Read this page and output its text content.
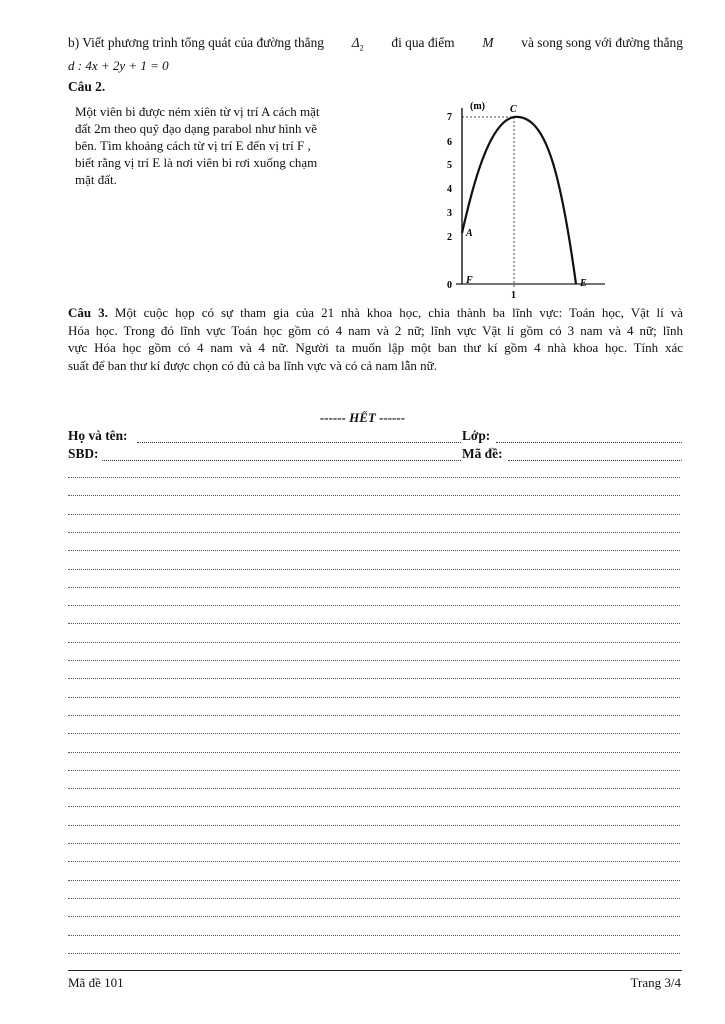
b) Viết phương trình tổng quát của đường thẳng $\Delta_2$ đi qua điểm M và song song với đường thẳng
d : 4x + 2y + 1 = 0
Câu 2.
Một viên bi được ném xiên từ vị trí A cách mặt
đất 2m theo quỹ đạo dạng parabol như hình vẽ
bên. Tìm khoảng cách từ vị trí E đến vị trí F ,
biết rằng vị trí E là nơi viên bi rơi xuống chạm
mặt đất.
(m)	C
A
F	E
7
6
5
4
3
2
0
1
Câu 3. Một cuộc họp có sự tham gia của 21 nhà khoa học, chia thành ba lĩnh vực: Toán học, Vật lí và
Hóa học. Trong đó lĩnh vực Toán học gồm có 4 nam và 2 nữ; lĩnh vực Vật lí gồm có 3 nam và 4 nữ; lĩnh
vực Hóa học gồm có 4 nam và 4 nữ. Người ta muốn lập một ban thư kí gồm 4 nhà khoa học. Tính xác
suất để ban thư kí được chọn có đủ cả ba lĩnh vực và có cả nam lẫn nữ.
------ HẾT ------
Họ và tên:	Lớp:
SBD:	Mã đề:
Mã đề 101	Trang 3/4
